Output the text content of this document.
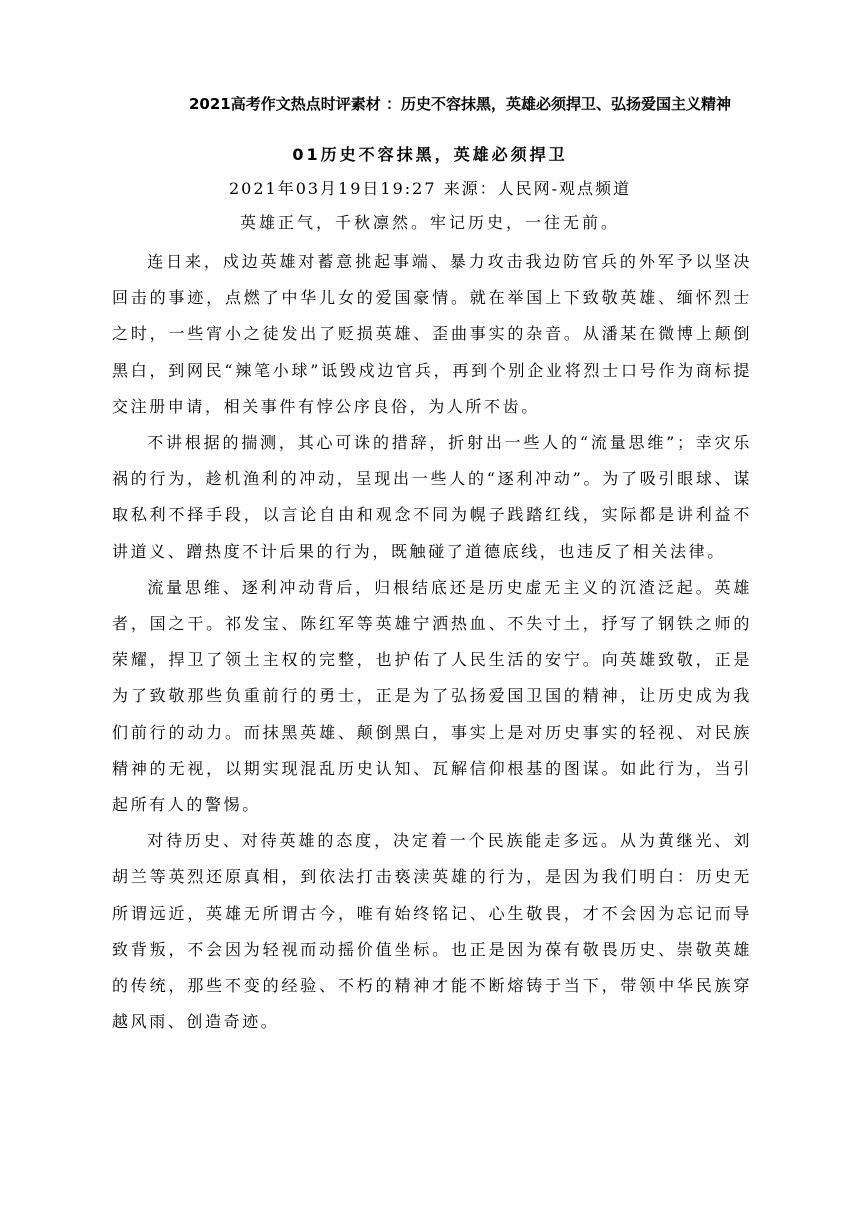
2021高考作文热点时评素材 ：历史不容抹黑，英雄必须捍卫、弘扬爱国主义精神
01历史不容抹黑，英雄必须捍卫
2021年03月19日19:27 来源：人民网-观点频道
英雄正气，千秋凛然。牢记历史，一往无前。

连日来，戍边英雄对蓄意挑起事端、暴力攻击我边防官兵的外军予以坚决回击的事迹，点燃了中华儿女的爱国豪情。就在举国上下致敬英雄、缅怀烈士之时，一些宵小之徒发出了贬损英雄、歪曲事实的杂音。从潘某在微博上颠倒黑白，到网民“辣笔小球”诋毁戍边官兵，再到个别企业将烈士口号作为商标提交注册申请，相关事件有悖公序良俗，为人所不齿。

不讲根据的揣测，其心可诛的措辞，折射出一些人的“流量思维”；幸灾乐祸的行为，趁机渔利的冲动，呈现出一些人的“逐利冲动”。为了吸引眼球、谋取私利不择手段，以言论自由和观念不同为幌子践踏红线，实际都是讲利益不讲道义、蹭热度不计后果的行为，既触碰了道德底线，也违反了相关法律。

流量思维、逐利冲动背后，归根结底还是历史虚无主义的沉渣泛起。英雄者，国之干。祁发宝、陈红军等英雄宁洒热血、不失寸土，抒写了钢铁之师的荣耀，捍卫了领土主权的完整，也护佑了人民生活的安宁。向英雄致敬，正是为了致敬那些负重前行的勇士，正是为了弘扬爱国卫国的精神，让历史成为我们前行的动力。而抹黑英雄、颠倒黑白，事实上是对历史事实的轻视、对民族精神的无视，以期实现混乱历史认知、瓦解信仰根基的图谋。如此行为，当引起所有人的警惕。

对待历史、对待英雄的态度，决定着一个民族能走多远。从为黄继光、刘胡兰等英烈还原真相，到依法打击亵渎英雄的行为，是因为我们明白：历史无所谓远近，英雄无所谓古今，唯有始终铭记、心生敬畏，才不会因为忘记而导致背叛，不会因为轻视而动摇价值坐标。也正是因为葆有敬畏历史、崇敬英雄的传统，那些不变的经验、不朽的精神才能不断熔铸于当下，带领中华民族穿越风雨、创造奇迹。
